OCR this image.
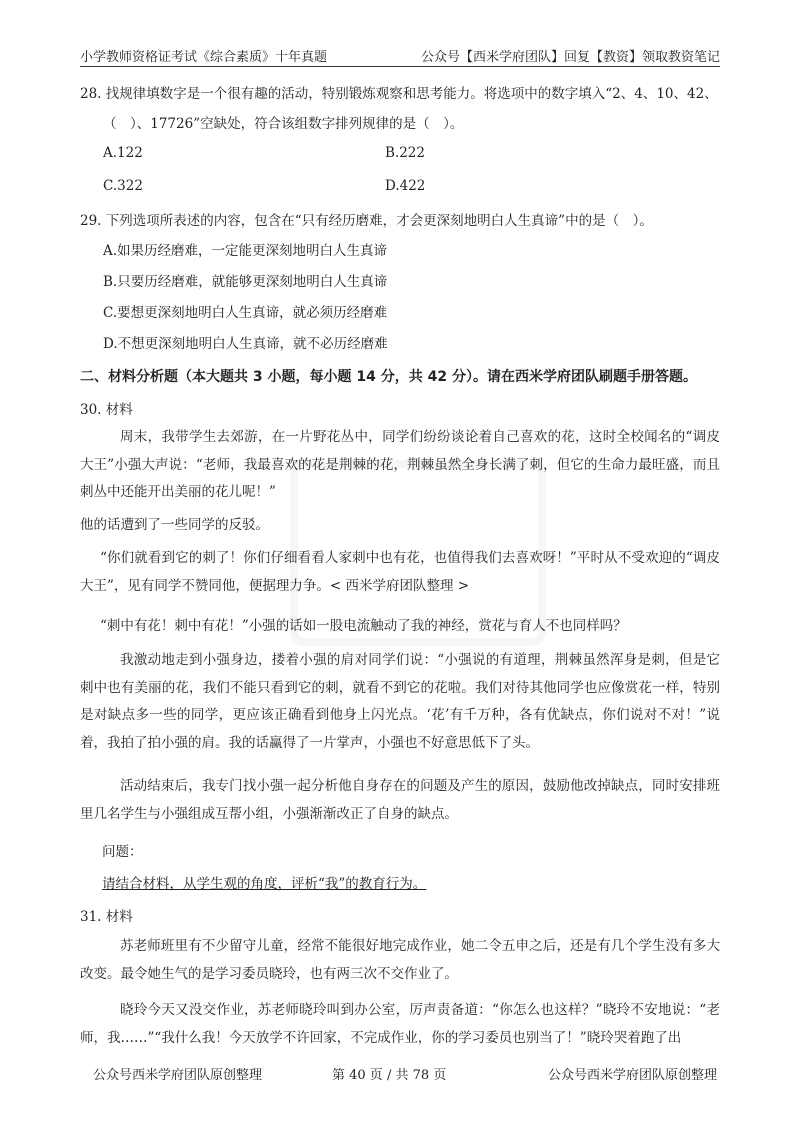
小学教师资格证考试《综合素质》十年真题	公众号【西米学府团队】回复【教资】领取教资笔记
28. 找规律填数字是一个很有趣的活动，特别锻炼观察和思考能力。将选项中的数字填入“2、4、10、42、
（　）、17726”空缺处，符合该组数字排列规律的是（　）。
A.122	B.222
C.322	D.422
29. 下列选项所表述的内容，包含在“只有经历磨难，才会更深刻地明白人生真谛”中的是（　）。
A.如果历经磨难，一定能更深刻地明白人生真谛
B.只要历经磨难，就能够更深刻地明白人生真谛
C.要想更深刻地明白人生真谛，就必须历经磨难
D.不想更深刻地明白人生真谛，就不必历经磨难
二、材料分析题（本大题共 3 小题，每小题 14 分，共 42 分）。请在西米学府团队刷题手册答题。
30. 材料
周末，我带学生去郊游，在一片野花丛中，同学们纷纷谈论着自己喜欢的花，这时全校闻名的“调皮大王”小强大声说：“老师，我最喜欢的花是荆棘的花，荆棘虽然全身长满了刺，但它的生命力最旺盛，而且刺丛中还能开出美丽的花儿呢！”
他的话遭到了一些同学的反驳。
“你们就看到它的刺了！你们仔细看看人家刺中也有花，也值得我们去喜欢呀！”平时从不受欢迎的“调皮大王”，见有同学不赞同他，便据理力争。< 西米学府团队整理 >
“刺中有花！刺中有花！”小强的话如一股电流触动了我的神经，赏花与育人不也同样吗？
我激动地走到小强身边，搂着小强的肩对同学们说：“小强说的有道理，荆棘虽然浑身是刺，但是它刺中也有美丽的花，我们不能只看到它的刺，就看不到它的花啦。我们对待其他同学也应像赏花一样，特别是对缺点多一些的同学，更应该正确看到他身上闪光点。‘花’有千万种，各有优缺点，你们说对不对！”说着，我拍了拍小强的肩。我的话赢得了一片掌声，小强也不好意思低下了头。
活动结束后，我专门找小强一起分析他自身存在的问题及产生的原因，鼓励他改掉缺点，同时安排班里几名学生与小强组成互帮小组，小强渐渐改正了自身的缺点。
问题：
请结合材料，从学生观的角度，评析“我”的教育行为。
31. 材料
苏老师班里有不少留守儿童，经常不能很好地完成作业，她二令五申之后，还是有几个学生没有多大改变。最令她生气的是学习委员晓玲，也有两三次不交作业了。
晓玲今天又没交作业，苏老师晓玲叫到办公室，厉声责备道：“你怎么也这样？”晓玲不安地说：“老师，我……”“我什么我！今天放学不许回家，不完成作业，你的学习委员也别当了！”晓玲哭着跑了出
公众号西米学府团队原创整理	第 40 页 / 共 78 页	公众号西米学府团队原创整理
